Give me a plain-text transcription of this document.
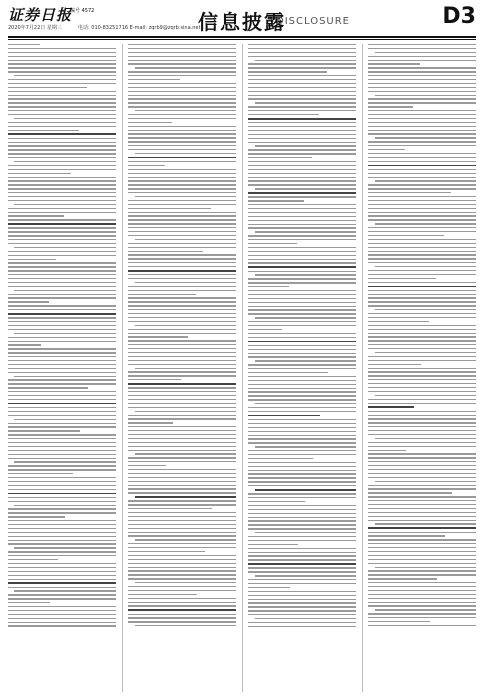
证券日报
编号 4572
2020年7月22日 星期三	电话: 010-83251716 E-mail: zqrb9@zqrb.sina.net
信息披露
DISCLOSURE	D3
